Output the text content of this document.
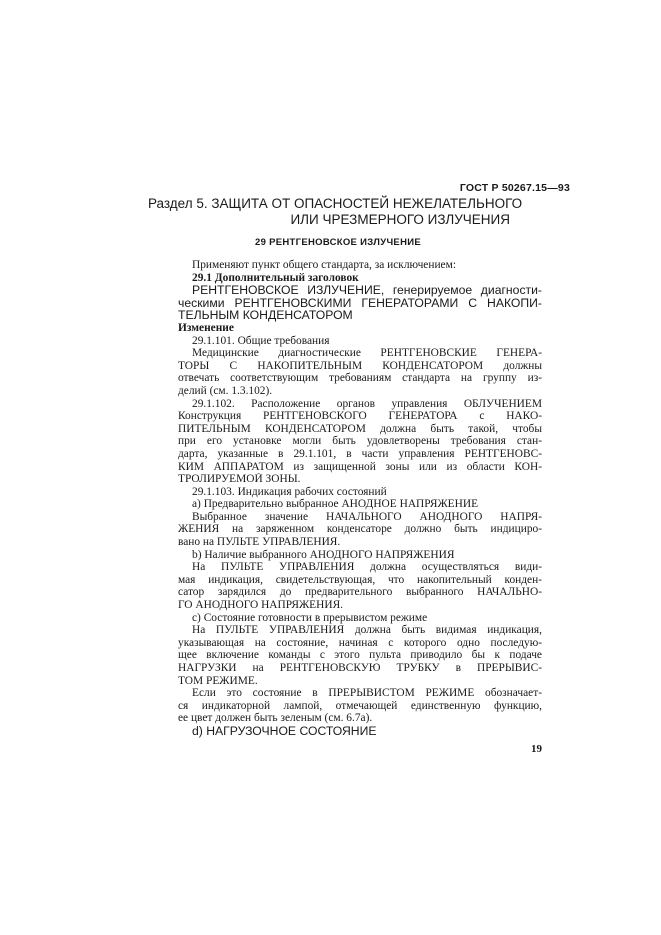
ГОСТ Р 50267.15—93
Раздел 5. ЗАЩИТА ОТ ОПАСНОСТЕЙ НЕЖЕЛАТЕЛЬНОГО
ИЛИ ЧРЕЗМЕРНОГО ИЗЛУЧЕНИЯ
29 РЕНТГЕНОВСКОЕ ИЗЛУЧЕНИЕ

Применяют пункт общего стандарта, за исключением:

29.1 Дополнительный заголовок

РЕНТГЕНОВСКОЕ ИЗЛУЧЕНИЕ, генерируемое диагности-

ческими РЕНТГЕНОВСКИМИ ГЕНЕРАТОРАМИ С НАКОПИ-

ТЕЛЬНЫМ КОНДЕНСАТОРОМ

Изменение

29.1.101. Общие требования

Медицинские диагностические РЕНТГЕНОВСКИЕ ГЕНЕРА-

ТОРЫ С НАКОПИТЕЛЬНЫМ КОНДЕНСАТОРОМ должны

отвечать соответствующим требованиям стандарта на группу из-

делий (см. 1.3.102).

29.1.102. Расположение органов управления ОБЛУЧЕНИЕМ

Конструкция РЕНТГЕНОВСКОГО ГЕНЕРАТОРА с НАКО-

ПИТЕЛЬНЫМ КОНДЕНСАТОРОМ должна быть такой, чтобы

при его установке могли быть удовлетворены требования стан-

дарта, указанные в 29.1.101, в части управления РЕНТГЕНОВС-

КИМ АППАРАТОМ из защищенной зоны или из области КОН-

ТРОЛИРУЕМОЙ ЗОНЫ.

29.1.103. Индикация рабочих состояний

а) Предварительно выбранное АНОДНОЕ НАПРЯЖЕНИЕ

Выбранное значение НАЧАЛЬНОГО АНОДНОГО НАПРЯ-

ЖЕНИЯ на заряженном конденсаторе должно быть индициро-

вано на ПУЛЬТЕ УПРАВЛЕНИЯ.

b) Наличие выбранного АНОДНОГО НАПРЯЖЕНИЯ

На ПУЛЬТЕ УПРАВЛЕНИЯ должна осуществляться види-

мая индикация, свидетельствующая, что накопительный конден-

сатор зарядился до предварительного выбранного НАЧАЛЬНО-

ГО АНОДНОГО НАПРЯЖЕНИЯ.

с) Состояние готовности в прерывистом режиме

На ПУЛЬТЕ УПРАВЛЕНИЯ должна быть видимая индикация,

указывающая на состояние, начиная с которого одно последую-

щее включение команды с этого пульта приводило бы к подаче

НАГРУЗКИ на РЕНТГЕНОВСКУЮ ТРУБКУ в ПРЕРЫВИС-

ТОМ РЕЖИМЕ.

Если это состояние в ПРЕРЫВИСТОМ РЕЖИМЕ обозначает-

ся индикаторной лампой, отмечающей единственную функцию,

ее цвет должен быть зеленым (см. 6.7а).

d) НАГРУЗОЧНОЕ СОСТОЯНИЕ

19
